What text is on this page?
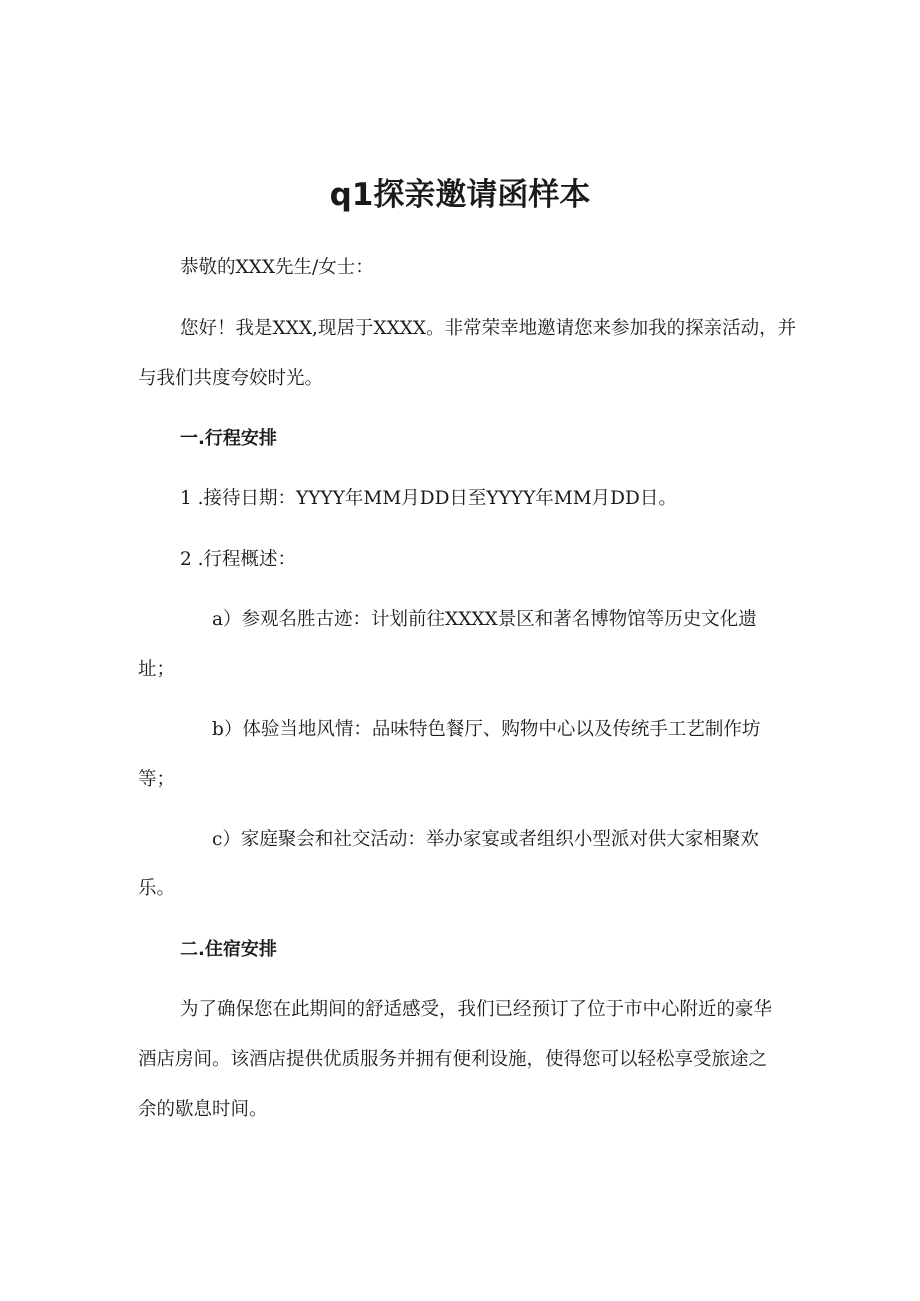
q1探亲邀请函样本
恭敬的XXX先生/女士：
您好！我是XXX,现居于XXXX。非常荣幸地邀请您来参加我的探亲活动，并
与我们共度夸姣时光。
一.行程安排
1 .接待日期：YYYY年MM月DD日至YYYY年MM月DD日。
2 .行程概述：
a）参观名胜古迹：计划前往XXXX景区和著名博物馆等历史文化遗
址；
b）体验当地风情：品味特色餐厅、购物中心以及传统手工艺制作坊
等；
c）家庭聚会和社交活动：举办家宴或者组织小型派对供大家相聚欢
乐。
二.住宿安排
为了确保您在此期间的舒适感受，我们已经预订了位于市中心附近的豪华
酒店房间。该酒店提供优质服务并拥有便利设施，使得您可以轻松享受旅途之
余的歇息时间。
